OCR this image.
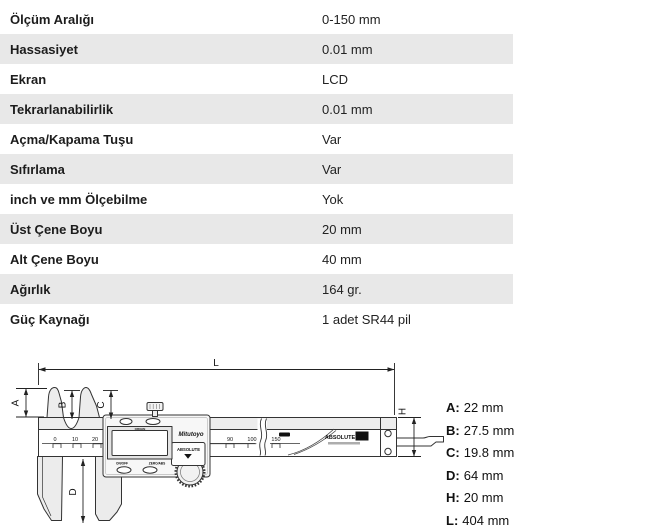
Ölçüm Aralığı	0-150 mm
Hassasiyet	0.01 mm
Ekran	LCD
Tekrarlanabilirlik	0.01 mm
Açma/Kapama Tuşu	Var
Sıfırlama	Var
inch ve mm Ölçebilme	Yok
Üst Çene Boyu	20 mm
Alt Çene Boyu	40 mm
Ağırlık	164 gr.
Güç Kaynağı	1 adet SR44 pil
ABSOLUTE
ORIGIN
Mitutoyo
ON/OFF	ZERO/ABS
ABSOLUTE AOS
0	10	20	90	100	150
L
A	B	C
D
H	A: 22 mm
B: 27.5 mm
C: 19.8 mm
D: 64 mm
H: 20 mm
L: 404 mm
